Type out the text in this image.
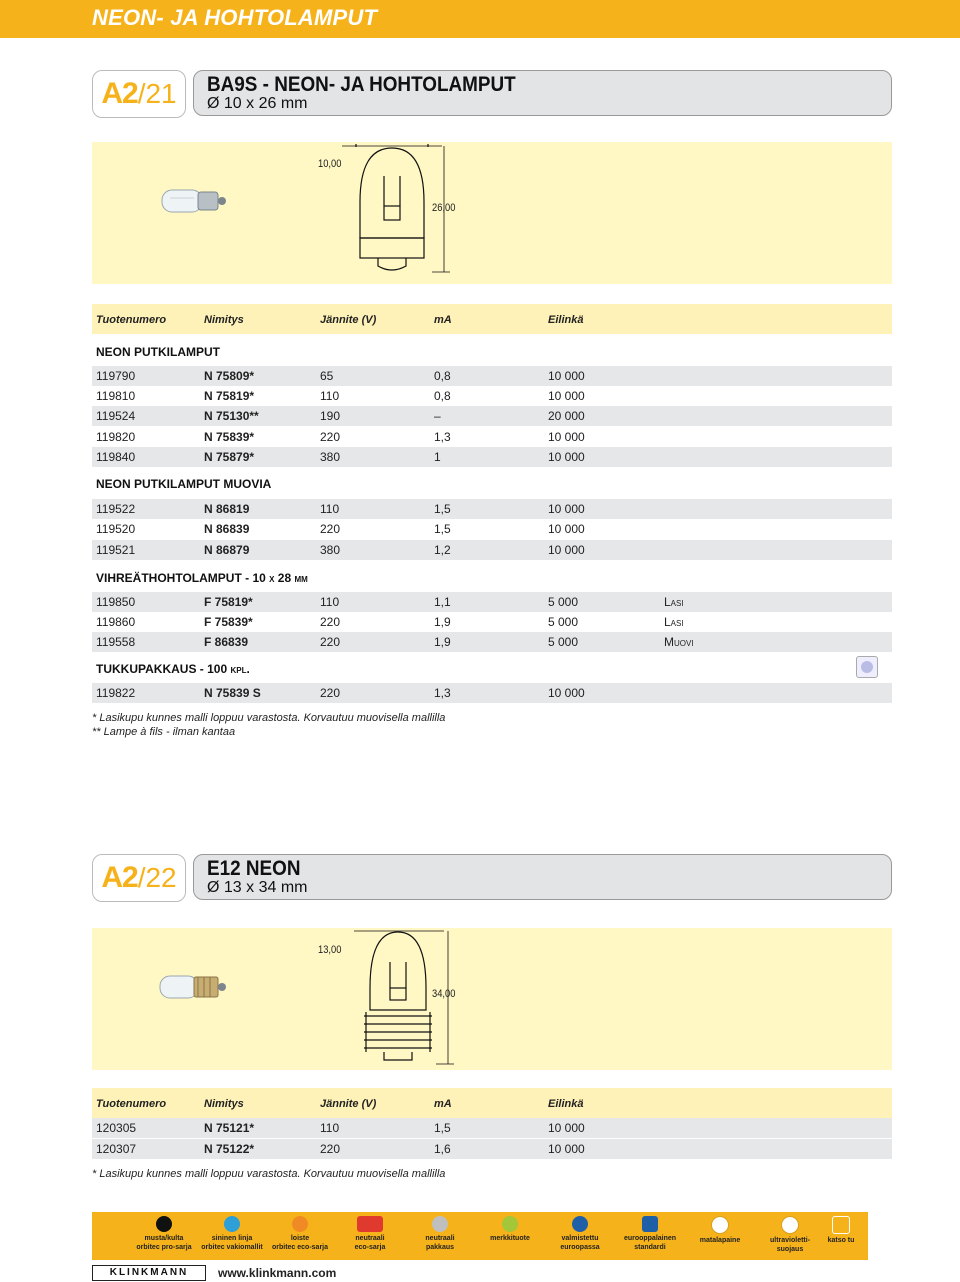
NEON- JA HOHTOLAMPUT
A2 /21 BA9S - NEON- JA HOHTOLAMPUT
Ø 10 x 26 mm
10,00
26,00
Tuotenumero	Nimitys	Jännite (V)	mA	Eilinkä
NEON PUTKILAMPUT
119790	N 75809*	65	0,8	10 000
119810	N 75819*	110	0,8	10 000
119524	N 75130**	190	–	20 000
119820	N 75839*	220	1,3	10 000
119840	N 75879*	380	1	10 000
NEON PUTKILAMPUT MUOVIA
119522	N 86819	110	1,5	10 000
119520	N 86839	220	1,5	10 000
119521	N 86879	380	1,2	10 000
VIHREÄTHOHTOLAMPUT - 10 x 28 mm
119850	F 75819*	110	1,1	5 000	Lasi
119860	F 75839*	220	1,9	5 000	Lasi
119558	F 86839	220	1,9	5 000	Muovi
TUKKUPAKKAUS - 100 kpl.
119822	N 75839 S	220	1,3	10 000
* Lasikupu kunnes malli loppuu varastosta. Korvautuu muovisella mallilla
** Lampe à fils - ilman kantaa
A2 /22 E12 NEON
Ø 13 x 34 mm
13,00
34,00
Tuotenumero	Nimitys	Jännite (V)	mA	Eilinkä
120305	N 75121*	110	1,5	10 000
120307	N 75122*	220	1,6	10 000
* Lasikupu kunnes malli loppuu varastosta. Korvautuu muovisella mallilla
musta/kulta
orbitec pro-sarja
sininen linja
orbitec vakiomallit
loiste
orbitec eco-sarja
neutraali
eco-sarja
neutraali
pakkaus
merkkituote	valmistettu
euroopassa
eurooppalainen
standardi
matalapaine	ultravioletti-
suojaus
katso tu
KLINKMANN	www.klinkmann.com
